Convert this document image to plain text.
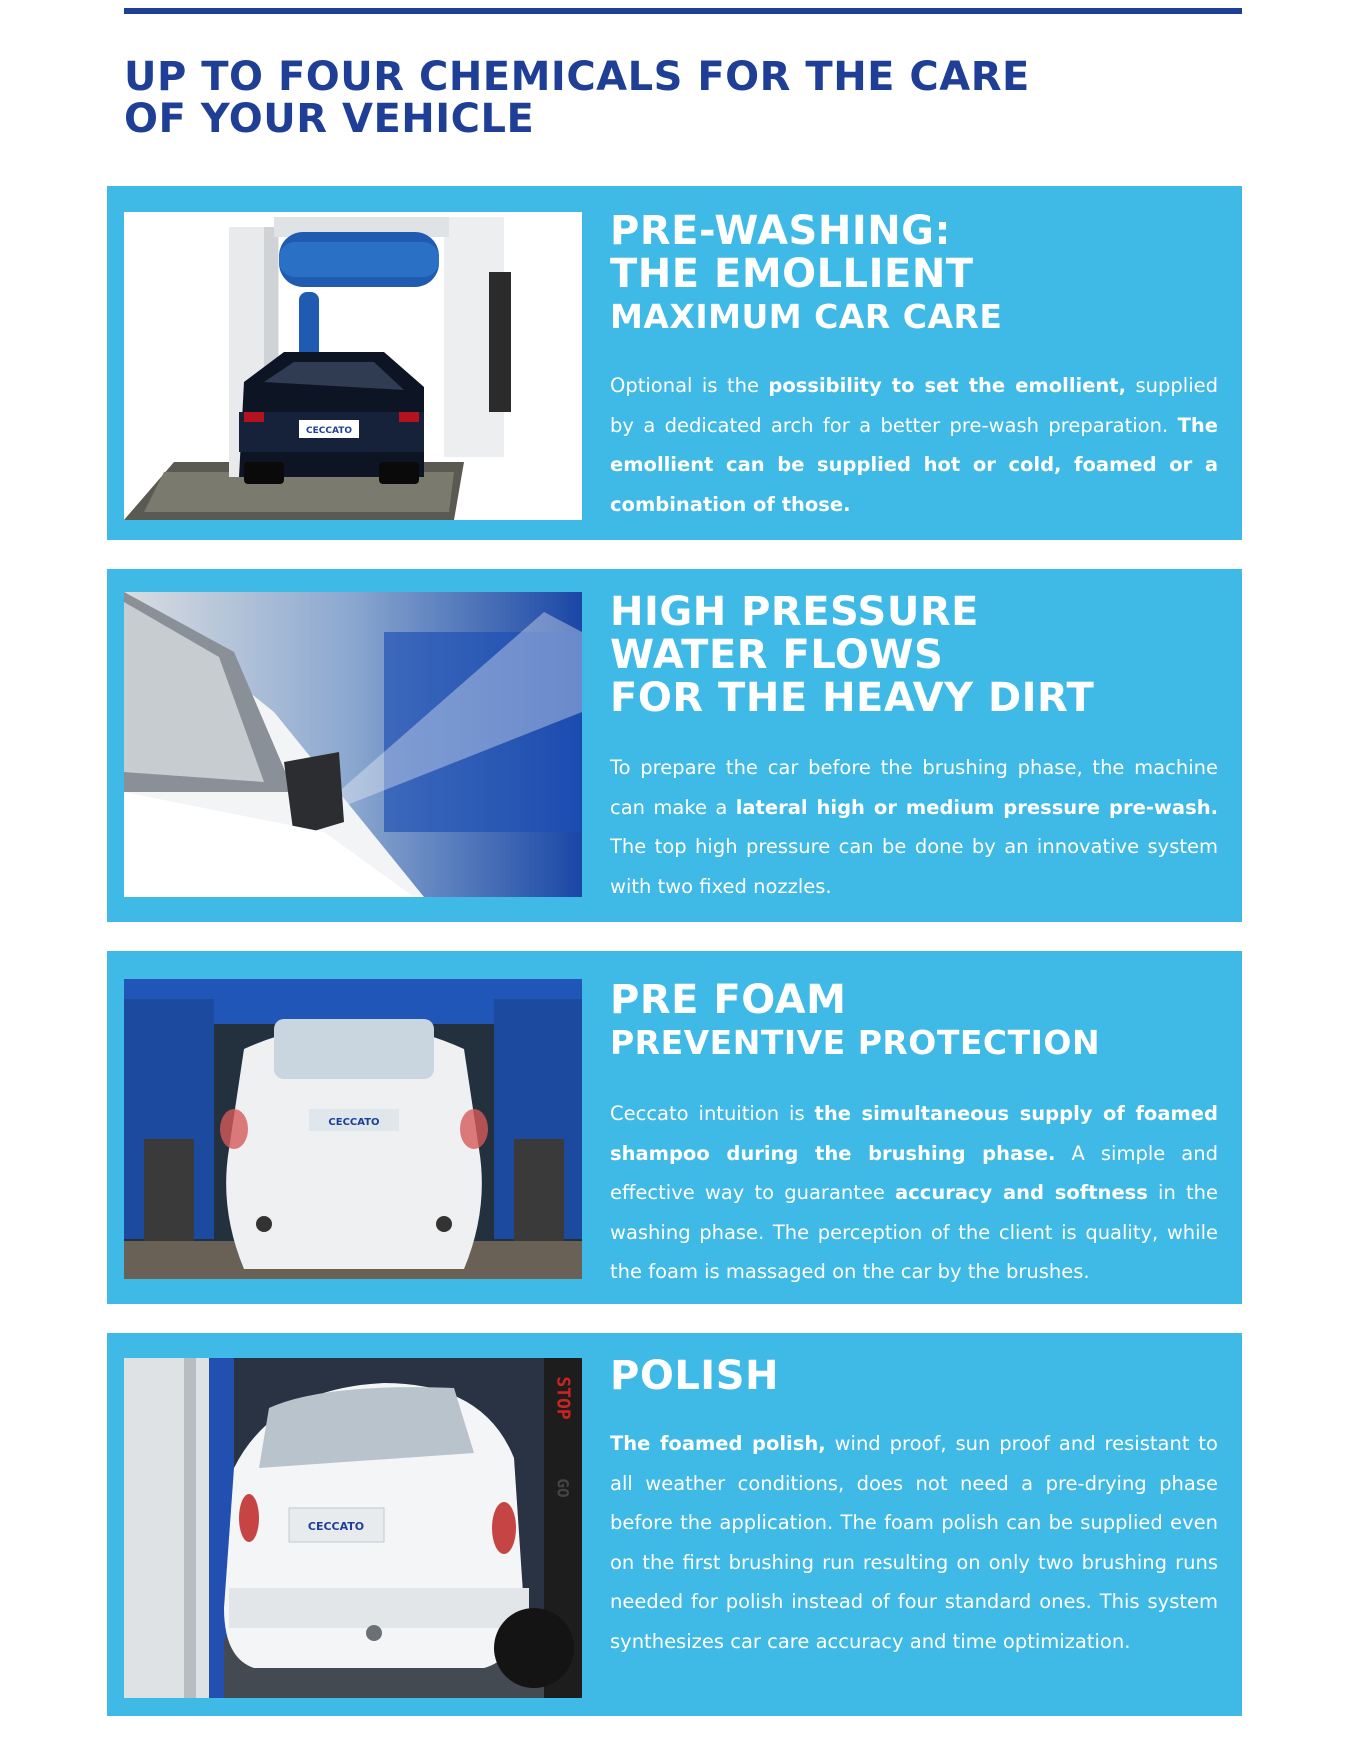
UP TO FOUR CHEMICALS FOR THE CARE
OF YOUR VEHICLE
CECCATO
PRE-WASHING:
THE EMOLLIENT
MAXIMUM CAR CARE

Optional is the possibility to set the emollient, supplied by a dedicated arch for a better pre-wash preparation. The emollient can be supplied hot or cold, foamed or a combination of those.

HIGH PRESSURE
WATER FLOWS
FOR THE HEAVY DIRT

To prepare the car before the brushing phase, the machine can make a lateral high or medium pressure pre-wash. The top high pressure can be done by an innovative system with two fixed nozzles.

CECCATO
PRE FOAM
PREVENTIVE PROTECTION

Ceccato intuition is the simultaneous supply of foamed shampoo during the brushing phase. A simple and effective way to guarantee accuracy and softness in the washing phase. The perception of the client is quality, while the foam is massaged on the car by the brushes.

STOP
GO
CECCATO
POLISH

The foamed polish, wind proof, sun proof and resistant to all weather conditions, does not need a pre-drying phase before the application. The foam polish can be supplied even on the first brushing run resulting on only two brushing runs needed for polish instead of four standard ones. This system synthesizes car care accuracy and time optimization.
